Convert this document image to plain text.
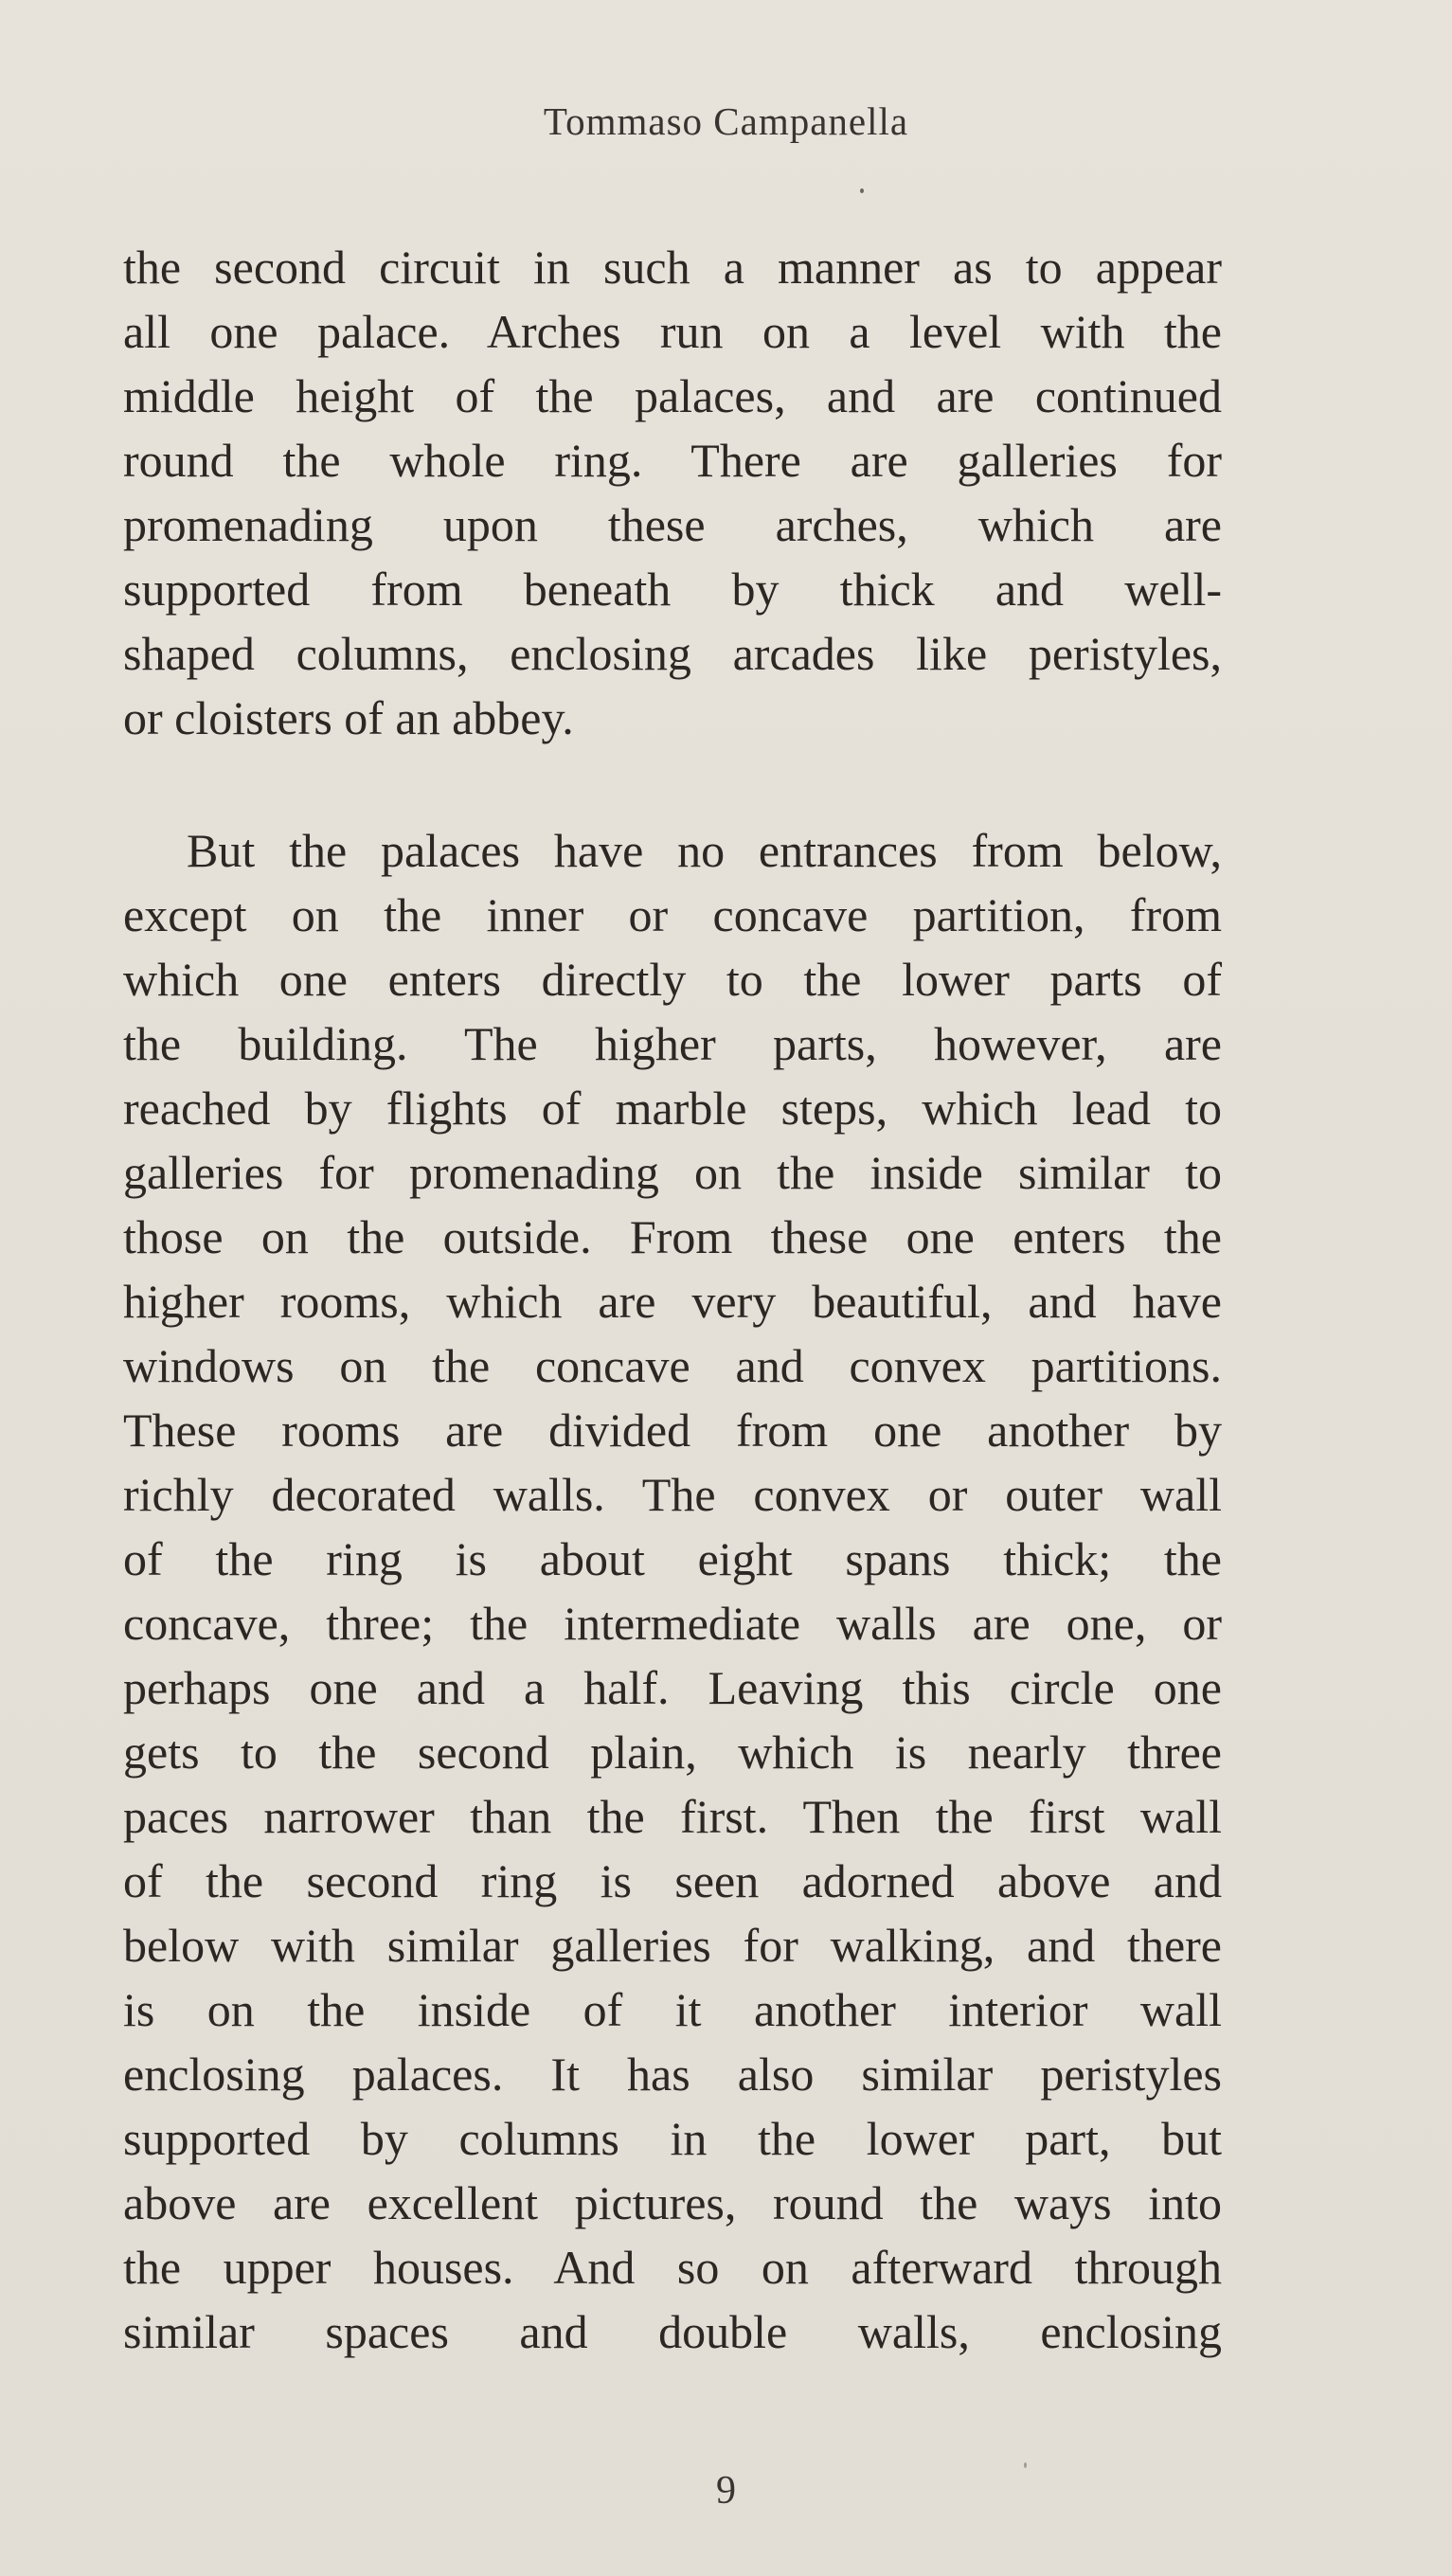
Tommaso Campanella
the second circuit in such a manner as to appear
all one palace. Arches run on a level with the
middle height of the palaces, and are continued
round the whole ring. There are galleries for
promenading upon these arches, which are
supported from beneath by thick and well-
shaped columns, enclosing arcades like peristyles,
or cloisters of an abbey.
But the palaces have no entrances from below,
except on the inner or concave partition, from
which one enters directly to the lower parts of
the building. The higher parts, however, are
reached by flights of marble steps, which lead to
galleries for promenading on the inside similar to
those on the outside. From these one enters the
higher rooms, which are very beautiful, and have
windows on the concave and convex partitions.
These rooms are divided from one another by
richly decorated walls. The convex or outer wall
of the ring is about eight spans thick; the
concave, three; the intermediate walls are one, or
perhaps one and a half. Leaving this circle one
gets to the second plain, which is nearly three
paces narrower than the first. Then the first wall
of the second ring is seen adorned above and
below with similar galleries for walking, and there
is on the inside of it another interior wall
enclosing palaces. It has also similar peristyles
supported by columns in the lower part, but
above are excellent pictures, round the ways into
the upper houses. And so on afterward through
similar spaces and double walls, enclosing
9
